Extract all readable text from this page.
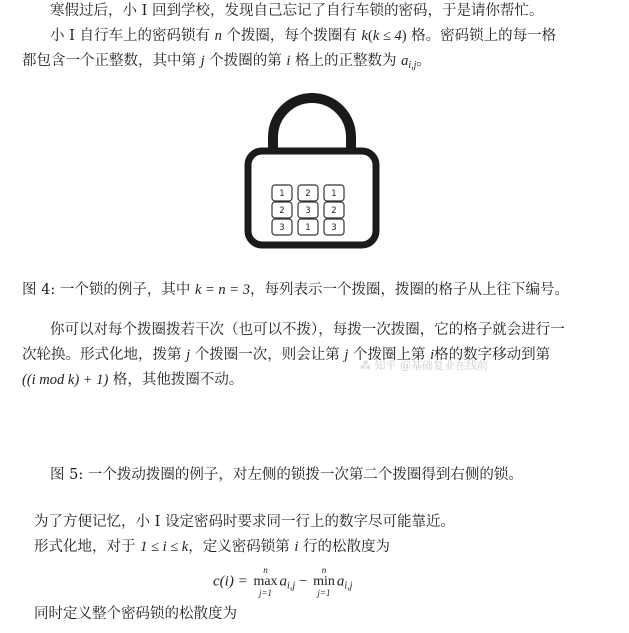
寒假过后，小 I 回到学校，发现自己忘记了自行车锁的密码，于是请你帮忙。
小 I 自行车上的密码锁有 n 个拨圈，每个拨圈有 k(k ≤ 4) 格。密码锁上的每一格
都包含一个正整数，其中第 j 个拨圈的第 i 格上的正整数为 $a_{i,j}$。
1
2
3
2
3
1
1
2
3
图 4: 一个锁的例子，其中 k = n = 3，每列表示一个拨圈，拨圈的格子从上往下编号。
你可以对每个拨圈拨若干次（也可以不拨），每拨一次拨圈，它的格子就会进行一
次轮换。形式化地，拨第 j 个拨圈一次，则会让第 j 个拨圈上第 i格的数字移动到第
((i mod k) + 1) 格，其他拨圈不动。
⁂ 知乎 @基础复业在线前
图 5: 一个拨动拨圈的例子，对左侧的锁拨一次第二个拨圈得到右侧的锁。
为了方便记忆，小 I 设定密码时要求同一行上的数字尽可能靠近。
形式化地，对于 1 ≤ i ≤ k，定义密码锁第 i 行的松散度为
c(i) =
n
max
j=1
$a_{i,j}$ −
n
min
j=1
$a_{i,j}$
同时定义整个密码锁的松散度为
